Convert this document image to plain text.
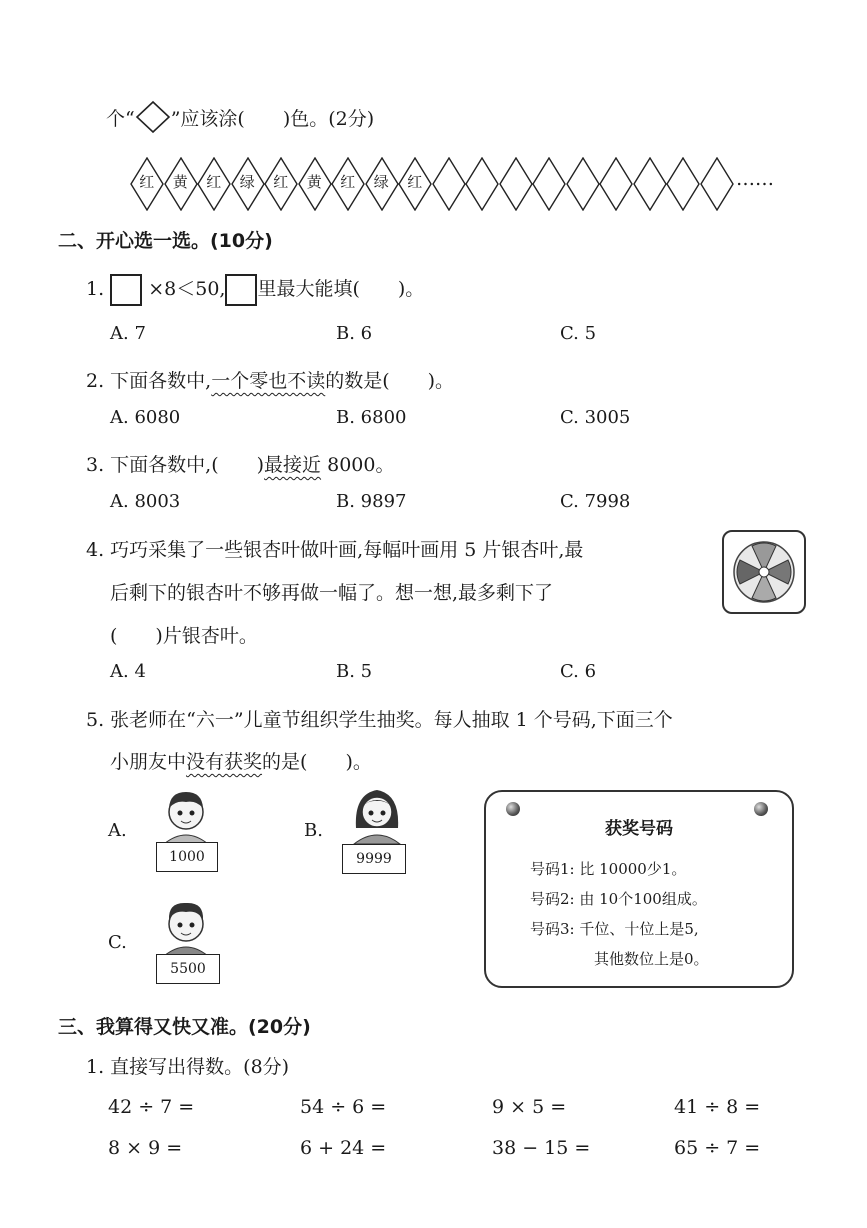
个“ ”应该涂(　　)色。(2分)
红	黄	红	绿	红	黄	红	绿	红	……
二、开心选一选。(10分)
1. ×8＜50, 里最大能填(　　)。
A. 7	B. 6	C. 5
2. 下面各数中,一个零也不读的数是(　　)。
A. 6080	B. 6800	C. 3005
3. 下面各数中,(　　)最接近 8000。
A. 8003	B. 9897	C. 7998
4. 巧巧采集了一些银杏叶做叶画,每幅叶画用 5 片银杏叶,最
后剩下的银杏叶不够再做一幅了。想一想,最多剩下了
(　　)片银杏叶。
A. 4	B. 5	C. 6
5. 张老师在“六一”儿童节组织学生抽奖。每人抽取 1 个号码,下面三个
小朋友中没有获奖的是(　　)。
A.
1000
B.
9999
C.
5500
获奖号码
号码1: 比 10000少1。
号码2: 由 10个100组成。
号码3: 千位、十位上是5,
其他数位上是0。
三、我算得又快又准。(20分)
1. 直接写出得数。(8分)
42 ÷ 7 =	54 ÷ 6 =	9 × 5 =	41 ÷ 8 =
8 × 9 =	6 + 24 =	38 − 15 =	65 ÷ 7 =
